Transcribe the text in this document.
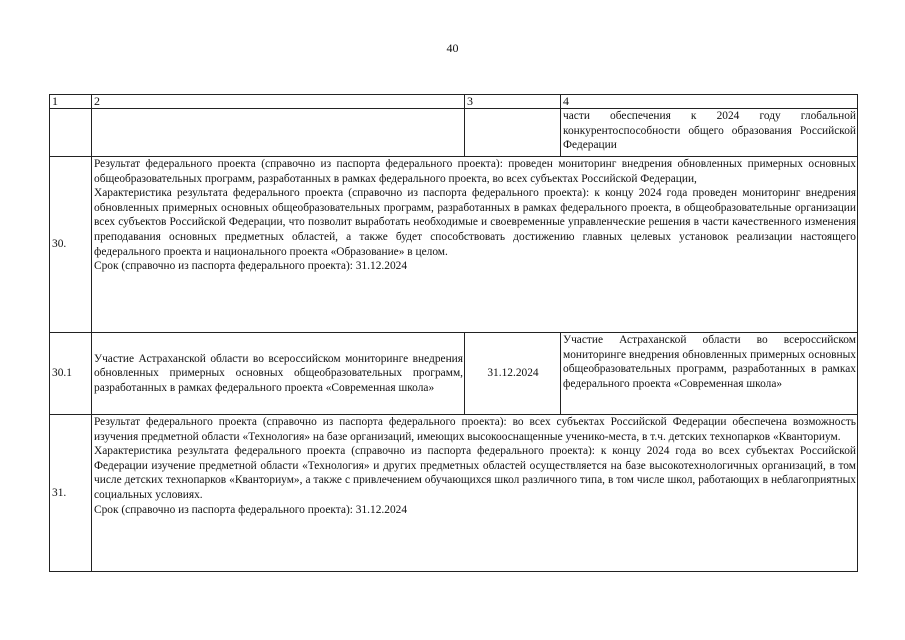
40
1	2	3	4
			части обеспечения к 2024 году глобальной конкурентоспособности общего образования Российской Федерации

30.	Результат федерального проекта (справочно из паспорта федерального проекта): проведен мониторинг внедрения обновленных примерных основных общеобразовательных программ, разработанных в рамках федерального проекта, во всех субъектах Российской Федерации,
Характеристика результата федерального проекта (справочно из паспорта федерального проекта): к концу 2024 года проведен мониторинг внедрения обновленных примерных основных общеобразовательных программ, разработанных в рамках федерального проекта, в общеобразовательные организации всех субъектов Российской Федерации, что позволит выработать необходимые и своевременные управленческие решения в части качественного изменения преподавания основных предметных областей, а также будет способствовать достижению главных целевых установок реализации настоящего федерального проекта и национального проекта «Образование» в целом.
Срок (справочно из паспорта федерального проекта): 31.12.2024		

30.1	Участие Астраханской области во всероссийском мониторинге внедрения обновленных примерных основных общеобразовательных программ, разработанных в рамках федерального проекта «Современная школа»	31.12.2024	Участие Астраханской области во всероссийском мониторинге внедрения обновленных примерных основных общеобразовательных программ, разработанных в рамках федерального проекта «Современная школа»

31.	Результат федерального проекта (справочно из паспорта федерального проекта): во всех субъектах Российской Федерации обеспечена возможность изучения предметной области «Технология» на базе организаций, имеющих высокооснащенные ученико-места, в т.ч. детских технопарков «Кванториум.
Характеристика результата федерального проекта (справочно из паспорта федерального проекта): к концу 2024 года во всех субъектах Российской Федерации изучение предметной области «Технология» и других предметных областей осуществляется на базе высокотехнологичных организаций, в том числе детских технопарков «Кванториум», а также с привлечением обучающихся школ различного типа, в том числе школ, работающих в неблагоприятных социальных условиях.
Срок (справочно из паспорта федерального проекта): 31.12.2024		
